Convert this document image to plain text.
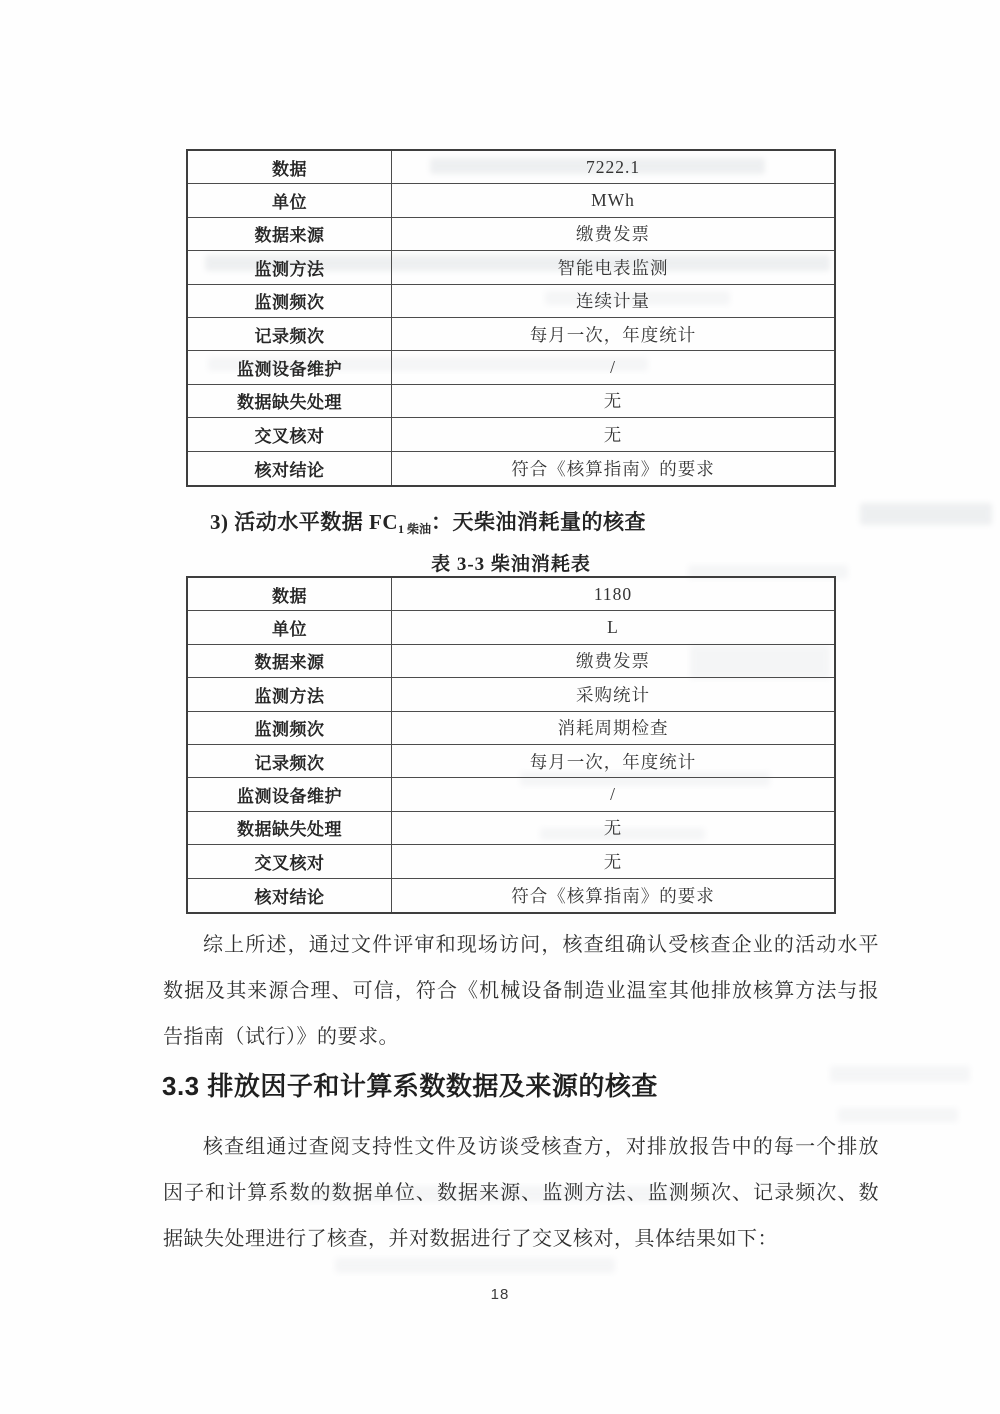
数据	7222.1
单位	MWh
数据来源	缴费发票
监测方法	智能电表监测
监测频次	连续计量
记录频次	每月一次，年度统计
监测设备维护	/
数据缺失处理	无
交叉核对	无
核对结论	符合《核算指南》的要求
3) 活动水平数据 $FC_{1 柴油}$：天柴油消耗量的核查
表 3-3 柴油消耗表
数据	1180
单位	L
数据来源	缴费发票
监测方法	采购统计
监测频次	消耗周期检查
记录频次	每月一次，年度统计
监测设备维护	/
数据缺失处理	无
交叉核对	无
核对结论	符合《核算指南》的要求

综上所述，通过文件评审和现场访问，核查组确认受核查企业的活动水平数据及其来源合理、可信，符合《机械设备制造业温室其他排放核算方法与报告指南（试行）》的要求。

3.3 排放因子和计算系数数据及来源的核查

核查组通过查阅支持性文件及访谈受核查方，对排放报告中的每一个排放因子和计算系数的数据单位、数据来源、监测方法、监测频次、记录频次、数据缺失处理进行了核查，并对数据进行了交叉核对，具体结果如下：

18
